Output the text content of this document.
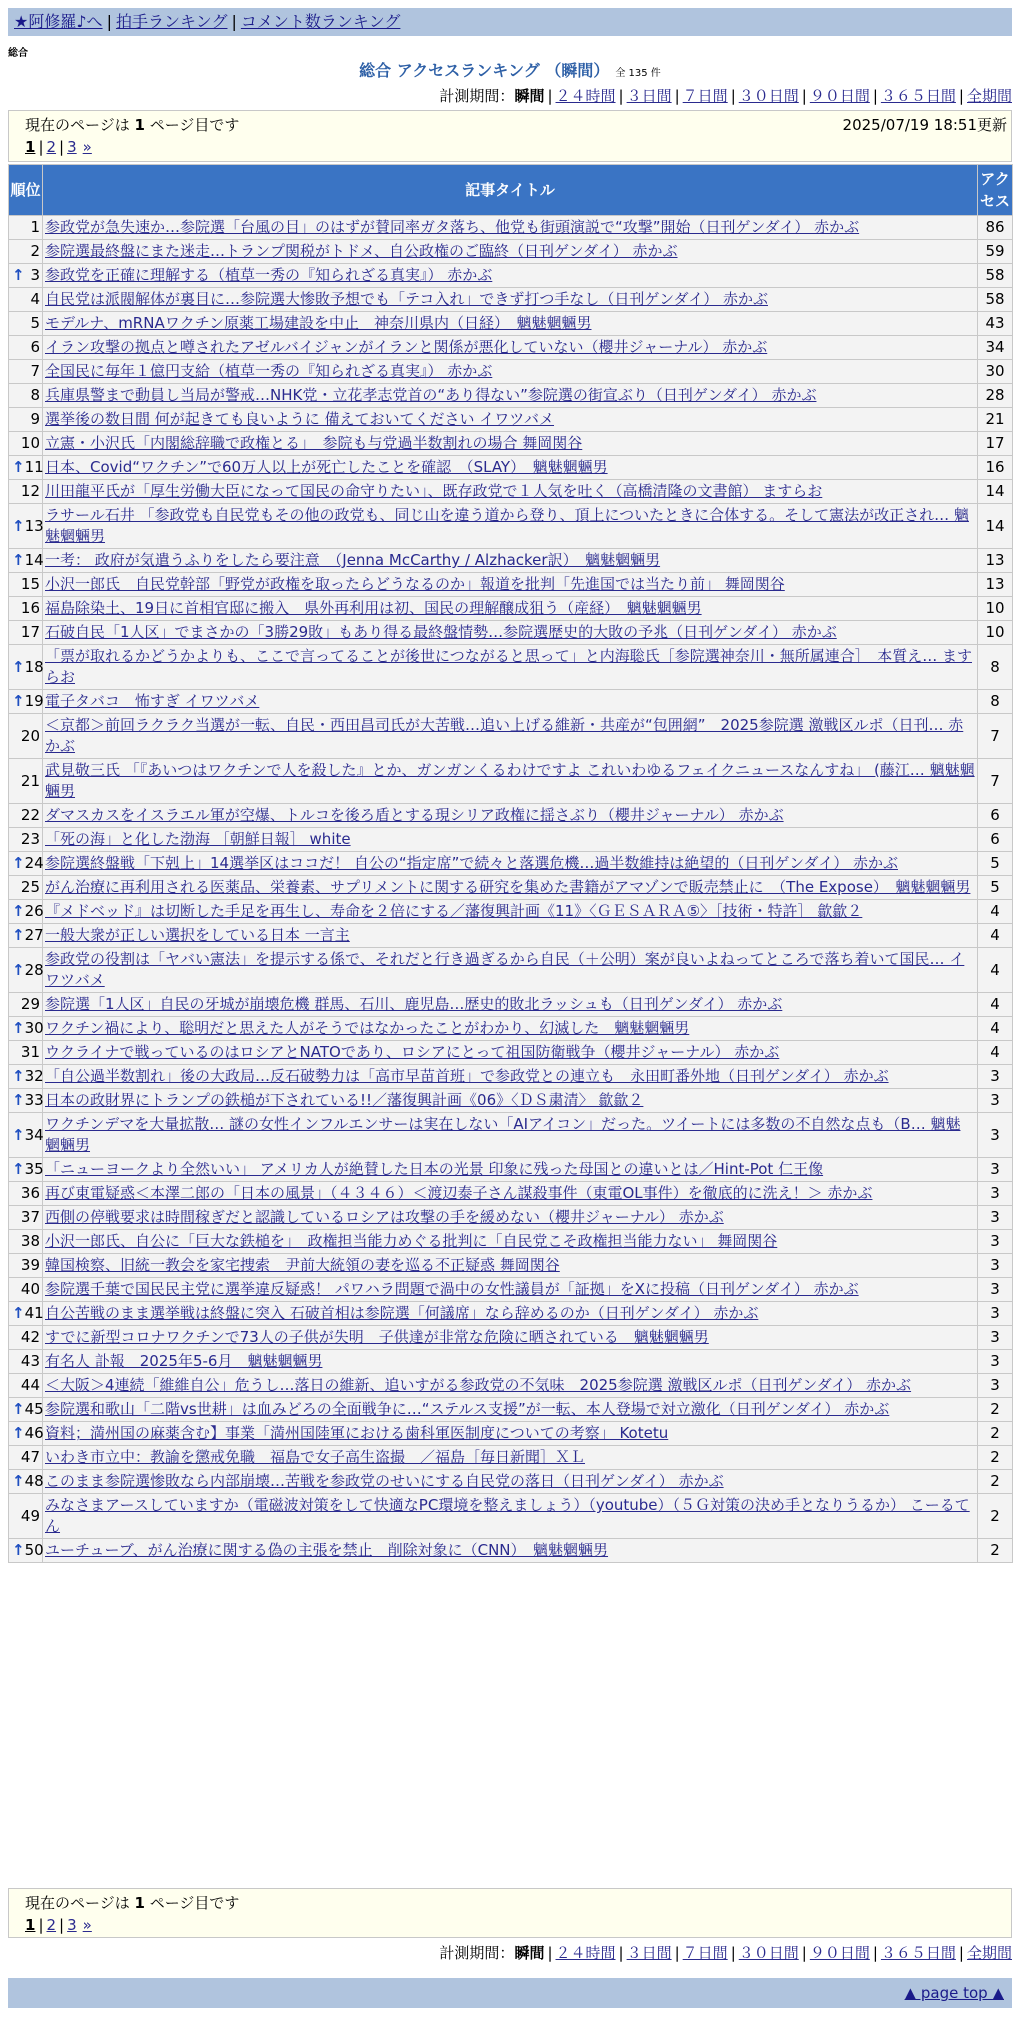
★阿修羅♪へ | 拍手ランキング | コメント数ランキング
総合
総合 アクセスランキング （瞬間） 全 135 件
計測期間：瞬間 | ２４時間 | ３日間 | ７日間 | ３０日間 | ９０日間 | ３６５日間 | 全期間
現在のページは 1 ページ目です	2025/07/19 18:51更新
1 | 2 | 3 »
順位	記事タイトル	アクセス
1	参政党が急失速か…参院選「台風の目」のはずが賛同率ガタ落ち、他党も街頭演説で“攻撃”開始（日刊ゲンダイ） 赤かぶ	86
2	参院選最終盤にまた迷走…トランプ関税がトドメ、自公政権のご臨終（日刊ゲンダイ） 赤かぶ	59

↑ 3	参政党を正確に理解する（植草一秀の『知られざる真実』） 赤かぶ	58
4	自民党は派閥解体が裏目に…参院選大惨敗予想でも「テコ入れ」できず打つ手なし（日刊ゲンダイ） 赤かぶ	58
5	モデルナ、mRNAワクチン原薬工場建設を中止　神奈川県内（日経）　魑魅魍魎男	43
6	イラン攻撃の拠点と噂されたアゼルバイジャンがイランと関係が悪化していない（櫻井ジャーナル） 赤かぶ	34
7	全国民に毎年１億円支給（植草一秀の『知られざる真実』） 赤かぶ	30
8	兵庫県警まで動員し当局が警戒…NHK党・立花孝志党首の“あり得ない”参院選の街宣ぶり（日刊ゲンダイ） 赤かぶ	28
9	選挙後の数日間 何が起きても良いように 備えておいてください イワツバメ	21
10	立憲・小沢氏「内閣総辞職で政権とる」　参院も与党過半数割れの場合 舞岡関谷	17

↑ 11	日本、Covid“ワクチン”で60万人以上が死亡したことを確認　（SLAY）　魑魅魍魎男	16
12	川田龍平氏が「厚生労働大臣になって国民の命守りたい」、既存政党で１人気を吐く（高橋清隆の文書館） ますらお	14

↑ 13	ラサール石井 「参政党も自民党もその他の政党も、同じ山を違う道から登り、頂上についたときに合体する。そして憲法が改正され… 魑魅魍魎男	14

↑ 14	一考： 政府が気遣うふりをしたら要注意　（Jenna McCarthy / Alzhacker訳）　魑魅魍魎男	13
15	小沢一郎氏　自民党幹部「野党が政権を取ったらどうなるのか」報道を批判「先進国では当たり前」 舞岡関谷	13
16	福島除染土、19日に首相官邸に搬入　県外再利用は初、国民の理解醸成狙う（産経）　魑魅魍魎男	10
17	石破自民「1人区」でまさかの「3勝29敗」もあり得る最終盤情勢…参院選歴史的大敗の予兆（日刊ゲンダイ） 赤かぶ	10

↑ 18	「票が取れるかどうかよりも、ここで言ってることが後世につながると思って」と内海聡氏［参院選神奈川・無所属連合］　本質え… ますらお	8

↑ 19	電子タバコ　怖すぎ イワツバメ	8
20	＜京都＞前回ラクラク当選が一転、自民・西田昌司氏が大苦戦…追い上げる維新・共産が“包囲網”　2025参院選 激戦区ルポ（日刊… 赤かぶ	7
21	武見敬三氏 「『あいつはワクチンで人を殺した』とか、ガンガンくるわけですよ これいわゆるフェイクニュースなんすね」 (藤江… 魑魅魍魎男	7
22	ダマスカスをイスラエル軍が空爆、トルコを後ろ盾とする現シリア政権に揺さぶり（櫻井ジャーナル） 赤かぶ	6
23	「死の海」と化した渤海 ［朝鮮日報］ white	6

↑ 24	参院選終盤戦「下剋上」14選挙区はココだ！ 自公の“指定席”で続々と落選危機…過半数維持は絶望的（日刊ゲンダイ） 赤かぶ	5
25	がん治療に再利用される医薬品、栄養素、サプリメントに関する研究を集めた書籍がアマゾンで販売禁止に　（The Expose）　魑魅魍魎男	5

↑ 26	『メドベッド』は切断した手足を再生し、寿命を２倍にする／藩復興計画《11》〈ＧＥＳＡＲＡ⑤〉［技術・特許］ 歙歙２	4

↑ 27	一般大衆が正しい選択をしている日本 一言主	4

↑ 28	参政党の役割は「ヤバい憲法」を提示する係で、それだと行き過ぎるから自民（＋公明）案が良いよねってところで落ち着いて国民… イワツバメ	4
29	参院選「1人区」自民の牙城が崩壊危機 群馬、石川、鹿児島…歴史的敗北ラッシュも（日刊ゲンダイ） 赤かぶ	4

↑ 30	ワクチン禍により、聡明だと思えた人がそうではなかったことがわかり、幻滅した　魑魅魍魎男	4
31	ウクライナで戦っているのはロシアとNATOであり、ロシアにとって祖国防衛戦争（櫻井ジャーナル） 赤かぶ	4

↑ 32	「自公過半数割れ」後の大政局…反石破勢力は「高市早苗首班」で参政党との連立も　永田町番外地（日刊ゲンダイ） 赤かぶ	3

↑ 33	日本の政財界にトランプの鉄槌が下されている!!／藩復興計画《06》〈ＤＳ粛清〉 歙歙２	3

↑ 34	ワクチンデマを大量拡散… 謎の女性インフルエンサーは実在しない「AIアイコン」だった。ツイートには多数の不自然な点も（B… 魑魅魍魎男	3

↑ 35	「ニューヨークより全然いい」 アメリカ人が絶賛した日本の光景 印象に残った母国との違いとは／Hint-Pot 仁王像	3
36	再び東電疑惑＜本澤二郎の「日本の風景」（４３４６）＜渡辺泰子さん謀殺事件（東電OL事件）を徹底的に洗え！＞ 赤かぶ	3
37	西側の停戦要求は時間稼ぎだと認識しているロシアは攻撃の手を緩めない（櫻井ジャーナル） 赤かぶ	3
38	小沢一郎氏、自公に「巨大な鉄槌を」　政権担当能力めぐる批判に「自民党こそ政権担当能力ない」 舞岡関谷	3
39	韓国検察、旧統一教会を家宅捜索　尹前大統領の妻を巡る不正疑惑 舞岡関谷	3
40	参院選千葉で国民民主党に選挙違反疑惑！ パワハラ問題で渦中の女性議員が「証拠」をXに投稿（日刊ゲンダイ） 赤かぶ	3

↑ 41	自公苦戦のまま選挙戦は終盤に突入 石破首相は参院選「何議席」なら辞めるのか（日刊ゲンダイ） 赤かぶ	3
42	すでに新型コロナワクチンで73人の子供が失明　子供達が非常な危険に晒されている　魑魅魍魎男	3
43	有名人 訃報　2025年5-6月　魑魅魍魎男	3
44	＜大阪＞4連続「維維自公」危うし…落日の維新、追いすがる参政党の不気味　2025参院選 激戦区ルポ（日刊ゲンダイ） 赤かぶ	3

↑ 45	参院選和歌山「二階vs世耕」は血みどろの全面戦争に…“ステルス支援”が一転、本人登場で対立激化（日刊ゲンダイ） 赤かぶ	2

↑ 46	資料；満州国の麻薬含む】事業「満州国陸軍における歯科軍医制度についての考察」 Kotetu	2
47	いわき市立中：教諭を懲戒免職　福島で女子高生盗撮　／福島［毎日新聞］ＸＬ	2

↑ 48	このまま参院選惨敗なら内部崩壊…苦戦を参政党のせいにする自民党の落日（日刊ゲンダイ） 赤かぶ	2
49	みなさまアースしていますか（電磁波対策をして快適なPC環境を整えましょう）（youtube）（５Ｇ対策の決め手となりうるか） こーるてん	2

↑ 50	ユーチューブ、がん治療に関する偽の主張を禁止　削除対象に（CNN）　魑魅魍魎男	2
現在のページは 1 ページ目です
1 | 2 | 3 »
計測期間：瞬間 | ２４時間 | ３日間 | ７日間 | ３０日間 | ９０日間 | ３６５日間 | 全期間
▲ page top ▲
